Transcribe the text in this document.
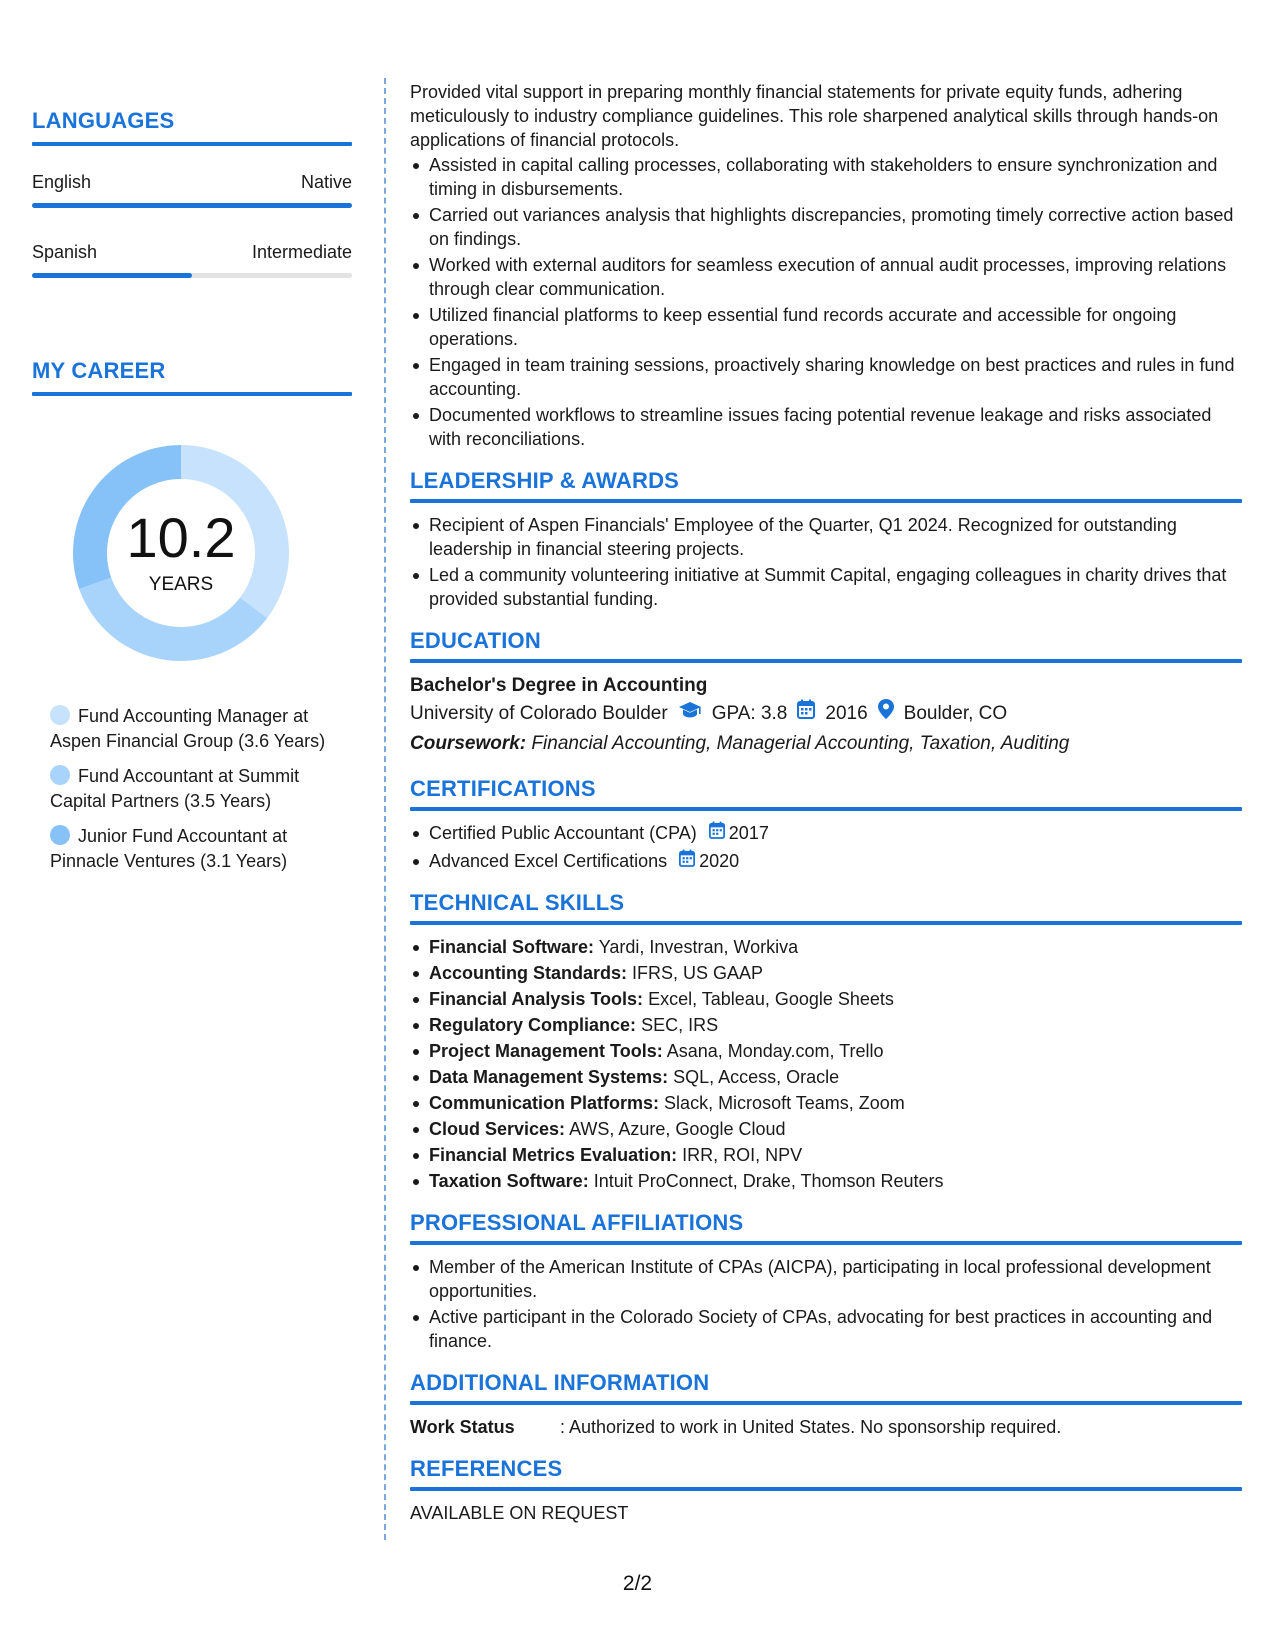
LANGUAGES
English	Native
Spanish	Intermediate
MY CAREER
10.2
YEARS
Fund Accounting Manager at Aspen Financial Group (3.6 Years)
Fund Accountant at Summit Capital Partners (3.5 Years)
Junior Fund Accountant at Pinnacle Ventures (3.1 Years)

Provided vital support in preparing monthly financial statements for private equity funds, adhering meticulously to industry compliance guidelines. This role sharpened analytical skills through hands-on applications of financial protocols.

Assisted in capital calling processes, collaborating with stakeholders to ensure synchronization and timing in disbursements.
Carried out variances analysis that highlights discrepancies, promoting timely corrective action based on findings.
Worked with external auditors for seamless execution of annual audit processes, improving relations through clear communication.
Utilized financial platforms to keep essential fund records accurate and accessible for ongoing operations.
Engaged in team training sessions, proactively sharing knowledge on best practices and rules in fund accounting.
Documented workflows to streamline issues facing potential revenue leakage and risks associated with reconciliations.
LEADERSHIP & AWARDS
Recipient of Aspen Financials' Employee of the Quarter, Q1 2024. Recognized for outstanding leadership in financial steering projects.
Led a community volunteering initiative at Summit Capital, engaging colleagues in charity drives that provided substantial funding.
EDUCATION
Bachelor's Degree in Accounting
University of Colorado Boulder GPA: 3.8 2016 Boulder, CO
Coursework: Financial Accounting, Managerial Accounting, Taxation, Auditing
CERTIFICATIONS
Certified Public Accountant (CPA) 2017
Advanced Excel Certifications 2020
TECHNICAL SKILLS
Financial Software: Yardi, Investran, Workiva
Accounting Standards: IFRS, US GAAP
Financial Analysis Tools: Excel, Tableau, Google Sheets
Regulatory Compliance: SEC, IRS
Project Management Tools: Asana, Monday.com, Trello
Data Management Systems: SQL, Access, Oracle
Communication Platforms: Slack, Microsoft Teams, Zoom
Cloud Services: AWS, Azure, Google Cloud
Financial Metrics Evaluation: IRR, ROI, NPV
Taxation Software: Intuit ProConnect, Drake, Thomson Reuters
PROFESSIONAL AFFILIATIONS
Member of the American Institute of CPAs (AICPA), participating in local professional development opportunities.
Active participant in the Colorado Society of CPAs, advocating for best practices in accounting and finance.
ADDITIONAL INFORMATION
Work Status	: Authorized to work in United States. No sponsorship required.
REFERENCES
AVAILABLE ON REQUEST
2/2
